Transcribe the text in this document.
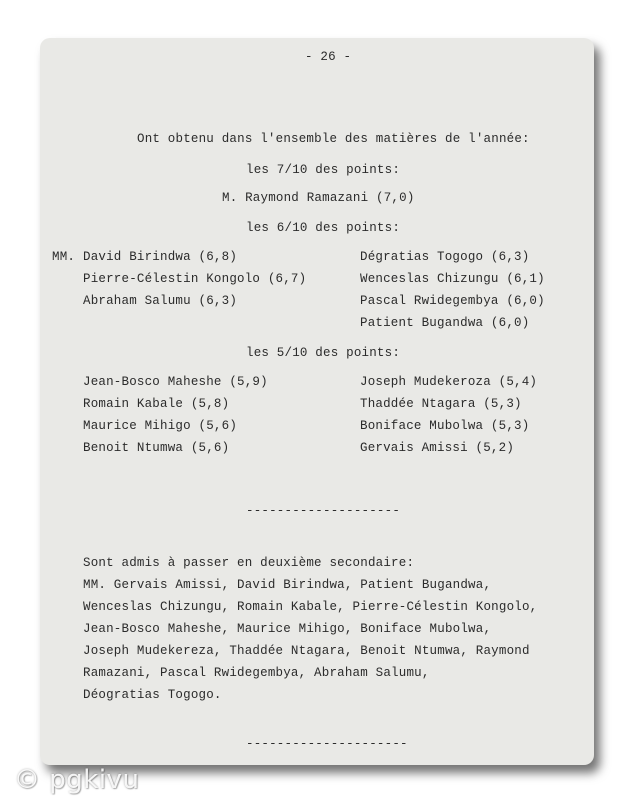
- 26 -
Ont obtenu dans l'ensemble des matières de l'année:
les 7/10 des points:
M. Raymond Ramazani (7,0)
les 6/10 des points:
MM. David Birindwa (6,8)
Pierre-Célestin Kongolo (6,7)
Abraham Salumu (6,3)
Dégratias Togogo (6,3)
Wenceslas Chizungu (6,1)
Pascal Rwidegembya (6,0)
Patient Bugandwa (6,0)
les 5/10 des points:
Jean-Bosco Maheshe (5,9)
Romain Kabale (5,8)
Maurice Mihigo (5,6)
Benoit Ntumwa (5,6)
Joseph Mudekeroza (5,4)
Thaddée Ntagara (5,3)
Boniface Mubolwa (5,3)
Gervais Amissi (5,2)
--------------------
Sont admis à passer en deuxième secondaire:
MM. Gervais Amissi, David Birindwa, Patient Bugandwa,
Wenceslas Chizungu, Romain Kabale, Pierre-Célestin Kongolo,
Jean-Bosco Maheshe, Maurice Mihigo, Boniface Mubolwa,
Joseph Mudekereza, Thaddée Ntagara, Benoit Ntumwa, Raymond
Ramazani, Pascal Rwidegembya, Abraham Salumu,
Déogratias Togogo.
---------------------
© pgkivu
